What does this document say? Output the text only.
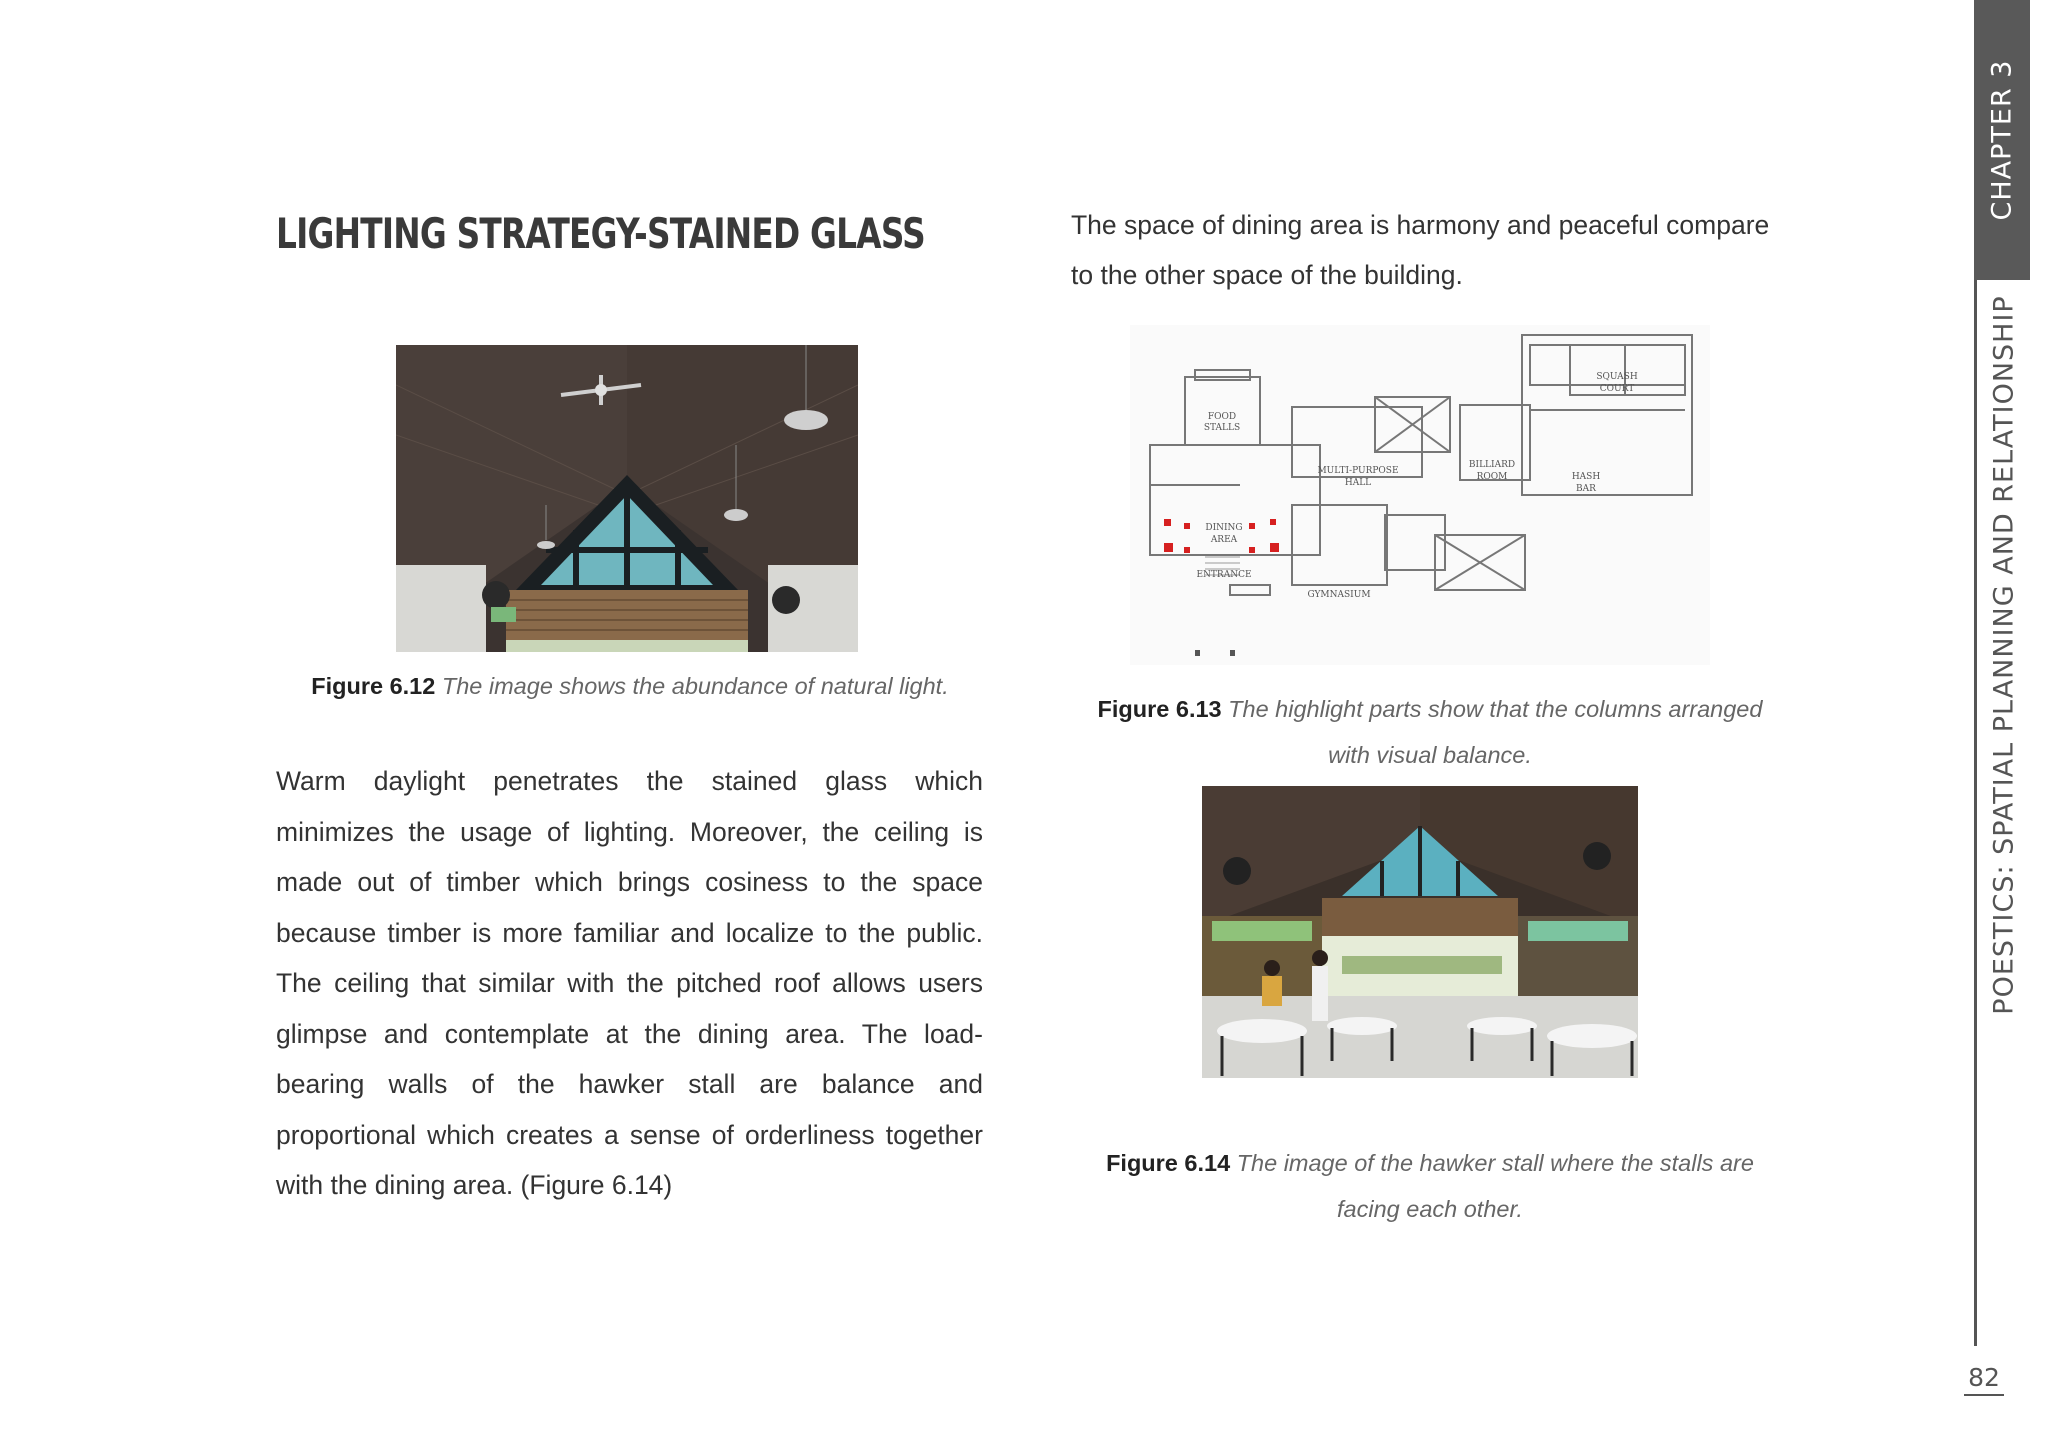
LIGHTING STRATEGY-STAINED GLASS
Figure 6.12 The image shows the abundance of natural light.
Warm daylight penetrates the stained glass which minimizes the usage of lighting. Moreover, the ceiling is made out of timber which brings cosiness to the space because timber is more familiar and localize to the public. The ceiling that similar with the pitched roof allows users glimpse and contemplate at the dining area. The load-bearing walls of the hawker stall are balance and proportional which creates a sense of orderliness together with the dining area. (Figure 6.14)
The space of dining area is harmony and peaceful compare to the other space of the building.
FOOD
STALLS
MULTI-PURPOSE
HALL
BILLIARD
ROOM
SQUASH
COURT
HASH
BAR
DINING
AREA
ENTRANCE
GYMNASIUM
Figure 6.13 The highlight parts show that the columns arranged with visual balance.
Figure 6.14 The image of the hawker stall where the stalls are facing each other.
CHAPTER 3
POESTICS: SPATIAL PLANNING AND RELATIONSHIP
82
